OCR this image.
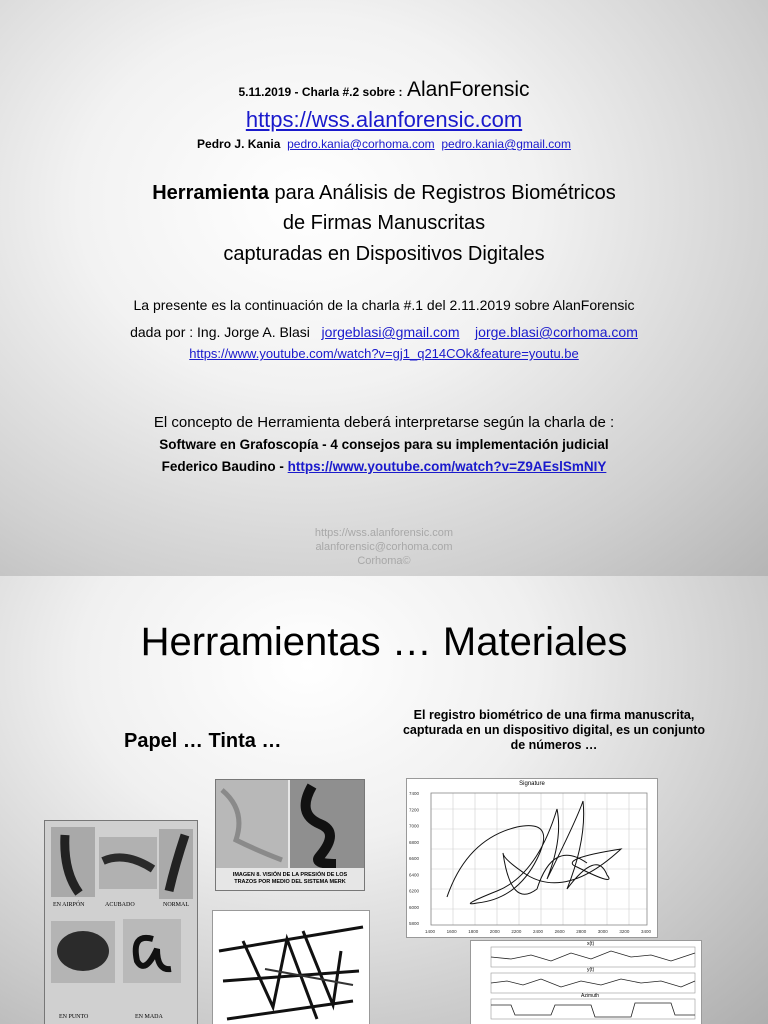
5.11.2019 - Charla #.2 sobre : AlanForensic
https://wss.alanforensic.com
Pedro J. Kania pedro.kania@corhoma.com pedro.kania@gmail.com
Herramienta para Análisis de Registros Biométricos
de Firmas Manuscritas
capturadas en Dispositivos Digitales
La presente es la continuación de la charla #.1 del 2.11.2019 sobre AlanForensic
dada por : Ing. Jorge A. Blasi jorgeblasi@gmail.com jorge.blasi@corhoma.com
https://www.youtube.com/watch?v=gj1_q214COk&feature=youtu.be
El concepto de Herramienta deberá interpretarse según la charla de :
Software en Grafoscopía - 4 consejos para su implementación judicial
Federico Baudino - https://www.youtube.com/watch?v=Z9AEslSmNIY
https://wss.alanforensic.com
alanforensic@corhoma.com
Corhoma©
Herramientas … Materiales
Papel … Tinta …
El registro biométrico de una firma manuscrita, capturada en un dispositivo digital, es un conjunto de números …
EN AIRPÓN	ACUBADO	NORMAL
EN PUNTO	EN MADA
IMAGEN 8. VISIÓN DE LA PRESIÓN DE LOS TRAZOS POR MEDIO DEL SISTEMA MERK
Signature
7400
7200
7000
6800
6600
6400
6200
6000
5800
1400	1600	1800	2000	2200	2400	2600	2800	3000	3200	3400
x(t)
y(t)
Azimuth
